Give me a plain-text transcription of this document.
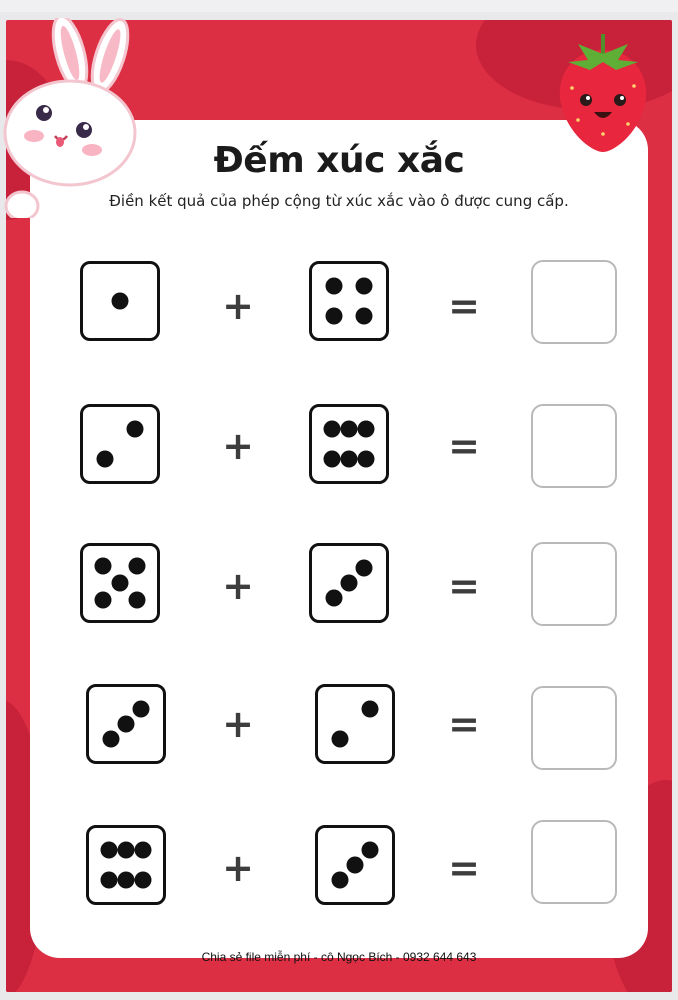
Đếm xúc xắc
Điền kết quả của phép cộng từ xúc xắc vào ô được cung cấp.
+	=
+	=
+	=
+	=
+	=
Chia sẻ file miễn phí - cô Ngọc Bích - 0932 644 643
